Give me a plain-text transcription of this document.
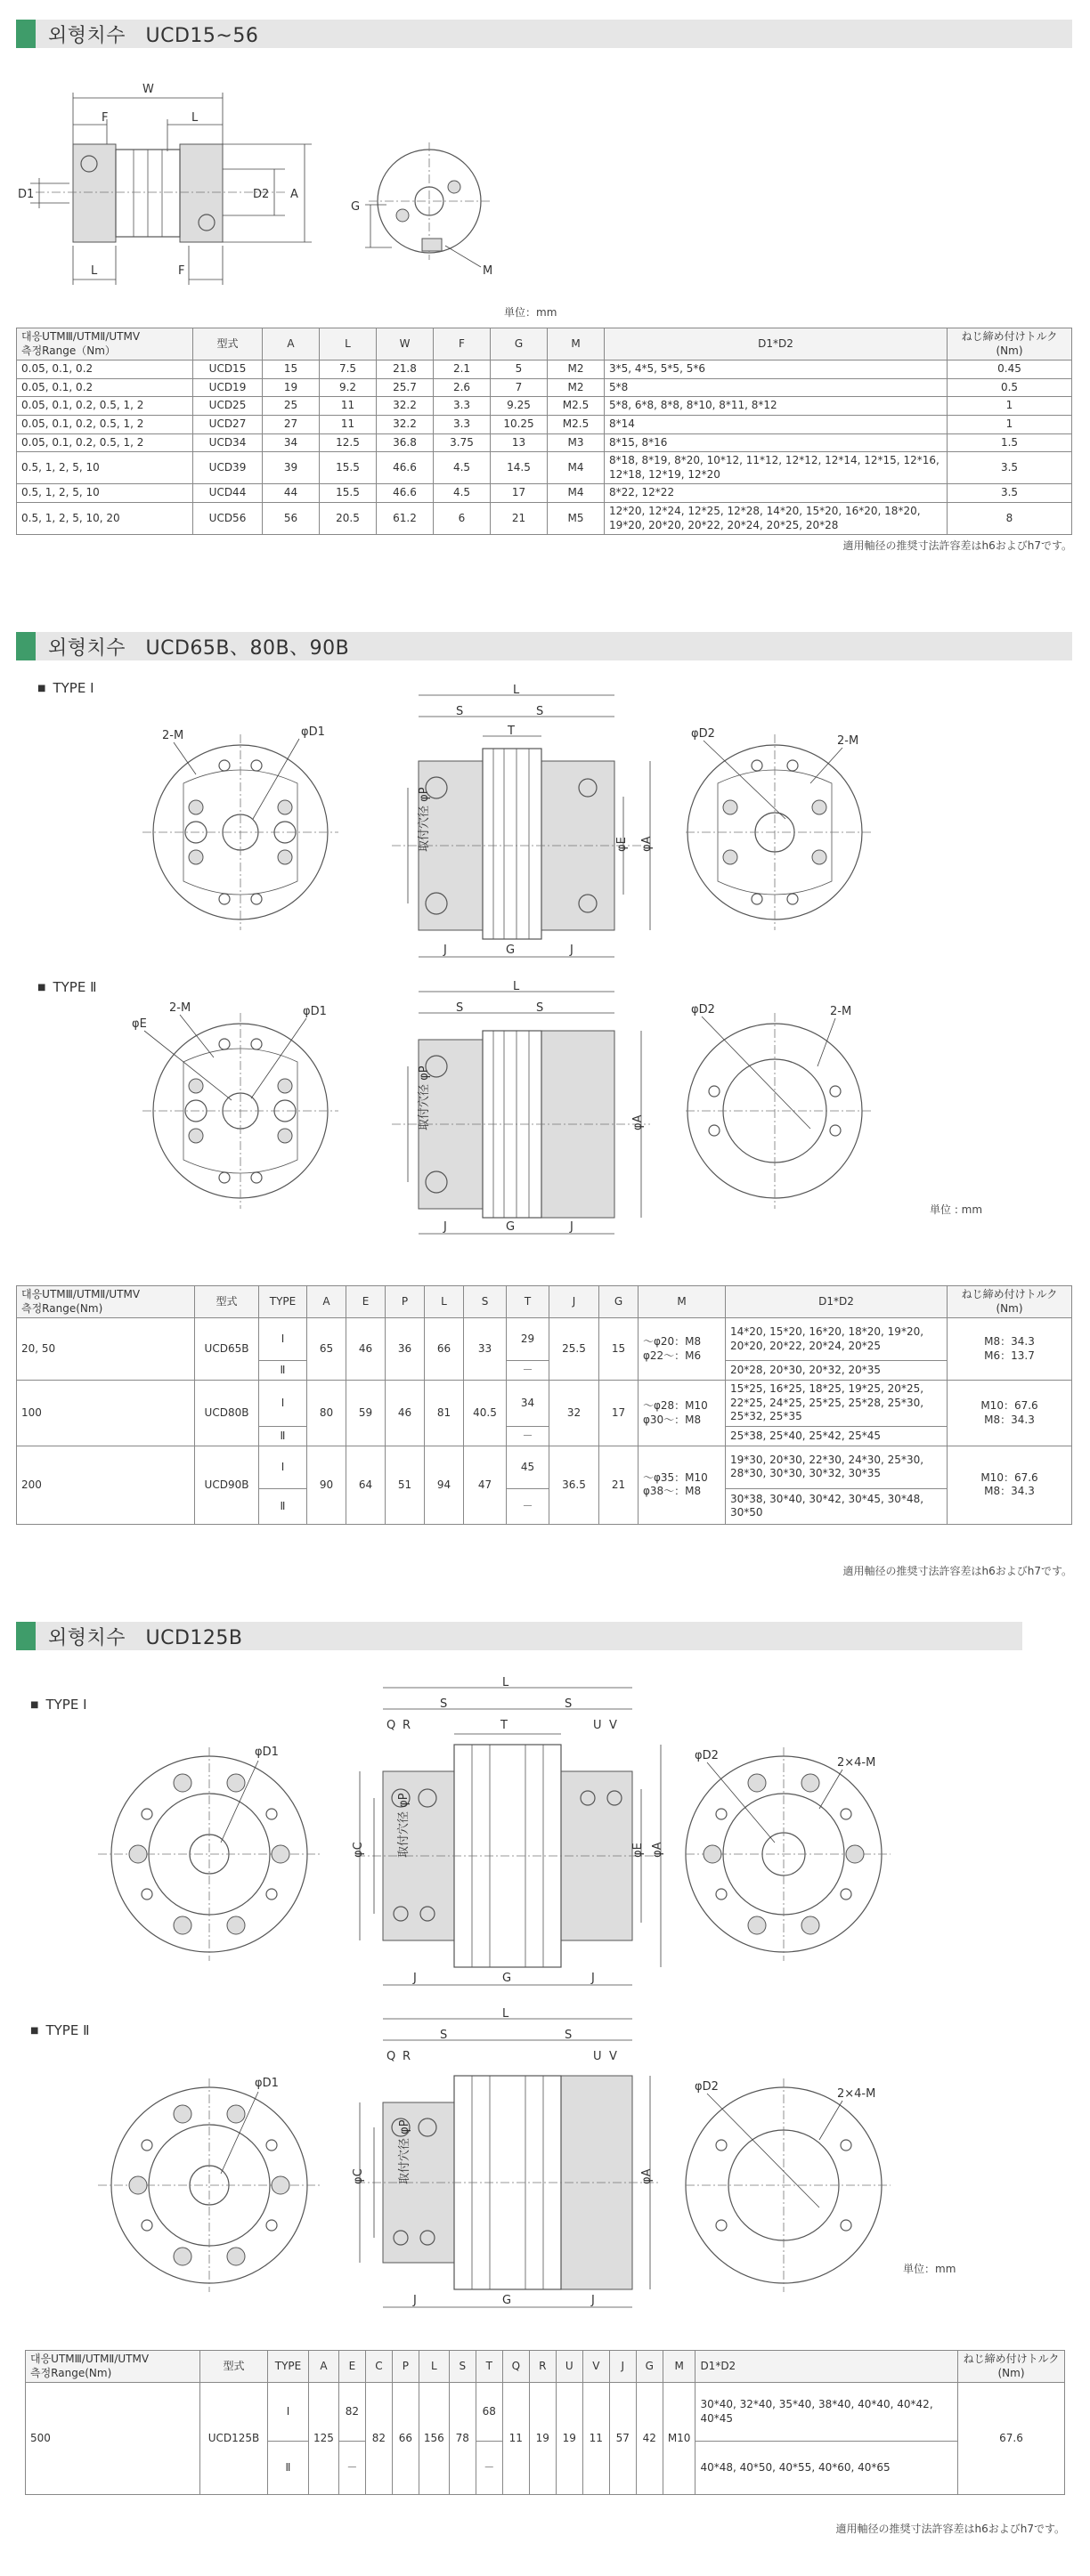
외형치수　UCD15~56
W
F	L
D1	D2 A
L	F
G
M
単位：mm
대응UTMⅢ/UTMⅡ/UTMV
측정Range（Nm）	型式	A	L	W	F	G	M	D1*D2	ねじ締め付けトルク
(Nm)
0.05, 0.1, 0.2	UCD15	15	7.5	21.8	2.1	5	M2	3*5, 4*5, 5*5, 5*6	0.45
0.05, 0.1, 0.2	UCD19	19	9.2	25.7	2.6	7	M2	5*8	0.5
0.05, 0.1, 0.2, 0.5, 1, 2	UCD25	25	11	32.2	3.3	9.25	M2.5	5*8, 6*8, 8*8, 8*10, 8*11, 8*12	1
0.05, 0.1, 0.2, 0.5, 1, 2	UCD27	27	11	32.2	3.3	10.25	M2.5	8*14	1
0.05, 0.1, 0.2, 0.5, 1, 2	UCD34	34	12.5	36.8	3.75	13	M3	8*15, 8*16	1.5
0.5, 1, 2, 5, 10	UCD39	39	15.5	46.6	4.5	14.5	M4	8*18, 8*19, 8*20, 10*12, 11*12, 12*12, 12*14, 12*15, 12*16, 12*18, 12*19, 12*20	3.5
0.5, 1, 2, 5, 10	UCD44	44	15.5	46.6	4.5	17	M4	8*22, 12*22	3.5
0.5, 1, 2, 5, 10, 20	UCD56	56	20.5	61.2	6	21	M5	12*20, 12*24, 12*25, 12*28, 14*20, 15*20, 16*20, 18*20, 19*20, 20*20, 20*22, 20*24, 20*25, 20*28	8
適用軸径の推奨寸法許容差はh6およびh7です。
외형치수　UCD65B、80B、90B
■ TYPE Ⅰ
2-M	φD1
L
S	S
T
φE φA
取付穴径 φP
J	G	J
φD2
2-M
■ TYPE Ⅱ
2-M
φE
φD1
L
S	S
φA
取付穴径 φP
J	G	J
φD2	2-M
単位 : mm
대응UTMⅢ/UTMⅡ/UTMV
측정Range(Nm)	型式	TYPE	A	E	P	L	S	T	J	G	M	D1*D2	ねじ締め付けトルク
(Nm)
20, 50	UCD65B	Ⅰ	65	46	36	66	33	29	25.5	15	～φ20：M8
φ22～：M6	14*20, 15*20, 16*20, 18*20, 19*20, 20*20, 20*22, 20*24, 20*25	M8：34.3
M6：13.7
		Ⅱ						－				20*28, 20*30, 20*32, 20*35	
100	UCD80B	Ⅰ	80	59	46	81	40.5	34	32	17	～φ28：M10
φ30～：M8	15*25, 16*25, 18*25, 19*25, 20*25, 22*25, 24*25, 25*25, 25*28, 25*30, 25*32, 25*35	M10：67.6
M8：34.3
		Ⅱ						－				25*38, 25*40, 25*42, 25*45	
200	UCD90B	Ⅰ	90	64	51	94	47	45	36.5	21	～φ35：M10
φ38～：M8	19*30, 20*30, 22*30, 24*30, 25*30, 28*30, 30*30, 30*32, 30*35	M10：67.6
M8：34.3
		Ⅱ						－				30*38, 30*40, 30*42, 30*45, 30*48, 30*50	
適用軸径の推奨寸法許容差はh6およびh7です。
외형치수　UCD125B
■ TYPE Ⅰ
φD1
L
S	S
Q R	T	U V
φE φA
φC	取付穴径 φP
J	G	J
φD2
2×4-M
■ TYPE Ⅱ
φD1
L
S	S
Q R	U V
φA
φC	取付穴径 φP
J	G	J
φD2
2×4-M
単位：mm
대응UTMⅢ/UTMⅡ/UTMV
측정Range(Nm)	型式	TYPE	A	E	C	P	L	S	T	Q	R	U	V	J	G	M	D1*D2	ねじ締め付けトルク
(Nm)
500	UCD125B	Ⅰ	125	82	82	66	156	78	68	11	19	19	11	57	42	M10	30*40, 32*40, 35*40, 38*40, 40*40, 40*42, 40*45	67.6
		Ⅱ		－					－								40*48, 40*50, 40*55, 40*60, 40*65	
適用軸径の推奨寸法許容差はh6およびh7です。
